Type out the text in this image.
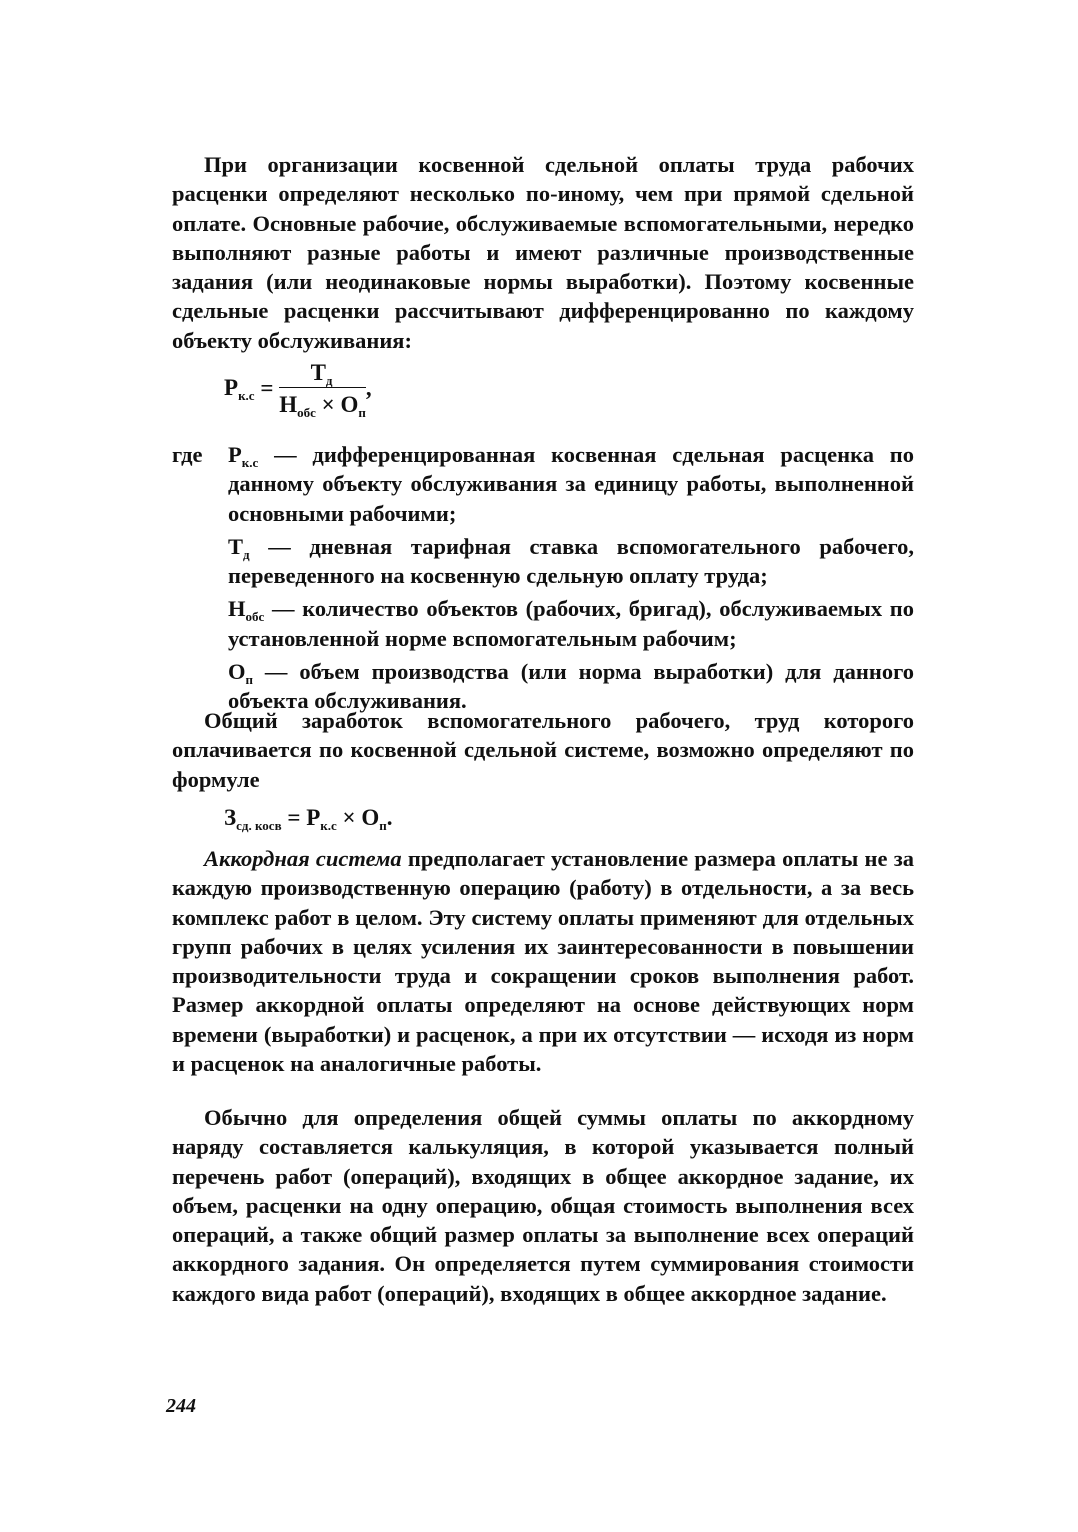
При организации косвенной сдельной оплаты труда рабочих расценки определяют несколько по-иному, чем при прямой сдельной оплате. Основные рабочие, обслуживаемые вспомогательными, нередко выполняют разные работы и имеют различные производственные задания (или неодинаковые нормы выработки). Поэтому косвенные сдельные расценки рассчитывают дифференцированно по каждому объекту обслуживания:

$Р_{к.с} = \frac{Т_д}{Н_{обс} \times О_п}$ ,
где $Р_{к.с}$ — дифференцированная косвенная сдельная расценка по данному объекту обслуживания за единицу работы, выполненной основными рабочими;
$Т_д$ — дневная тарифная ставка вспомогательного рабочего, переведенного на косвенную сдельную оплату труда;
$Н_{обс}$ — количество объектов (рабочих, бригад), обслуживаемых по установленной норме вспомогательным рабочим;
$О_п$ — объем производства (или норма выработки) для данного объекта обслуживания.

Общий заработок вспомогательного рабочего, труд которого оплачивается по косвенной сдельной системе, возможно определяют по формуле

$З_{сд. косв} = Р_{к.с} \times О_п$.

Аккордная система предполагает установление размера оплаты не за каждую производственную операцию (работу) в отдельности, а за весь комплекс работ в целом. Эту систему оплаты применяют для отдельных групп рабочих в целях усиления их заинтересованности в повышении производительности труда и сокращении сроков выполнения работ. Размер аккордной оплаты определяют на основе действующих норм времени (выработки) и расценок, а при их отсутствии — исходя из норм и расценок на аналогичные работы.

Обычно для определения общей суммы оплаты по аккордному наряду составляется калькуляция, в которой указывается полный перечень работ (операций), входящих в общее аккордное задание, их объем, расценки на одну операцию, общая стоимость выполнения всех операций, а также общий размер оплаты за выполнение всех операций аккордного задания. Он определяется путем суммирования стоимости каждого вида работ (операций), входящих в общее аккордное задание.

244
